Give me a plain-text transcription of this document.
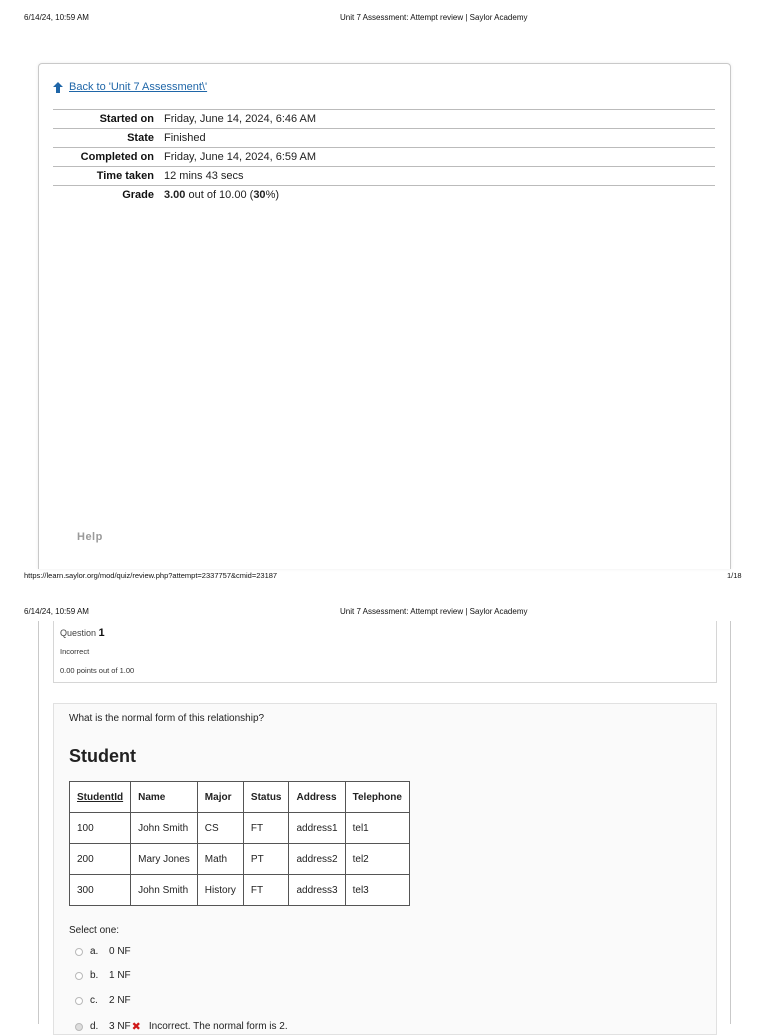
6/14/24, 10:59 AM	Unit 7 Assessment: Attempt review | Saylor Academy
Back to 'Unit 7 Assessment\'
Started on	Friday, June 14, 2024, 6:46 AM
State	Finished
Completed on	Friday, June 14, 2024, 6:59 AM
Time taken	12 mins 43 secs
Grade	3.00 out of 10.00 (30%)
Help
https://learn.saylor.org/mod/quiz/review.php?attempt=2337757&cmid=23187	1/18
6/14/24, 10:59 AM	Unit 7 Assessment: Attempt review | Saylor Academy
Question 1
Incorrect
0.00 points out of 1.00
What is the normal form of this relationship?
Student
StudentId	Name	Major	Status	Address	Telephone
100	John Smith	CS	FT	address1	tel1
200	Mary Jones	Math	PT	address2	tel2
300	John Smith	History	FT	address3	tel3
Select one:
a.	0 NF
b.	1 NF
c.	2 NF
d.	3 NF ✖ Incorrect. The normal form is 2.
